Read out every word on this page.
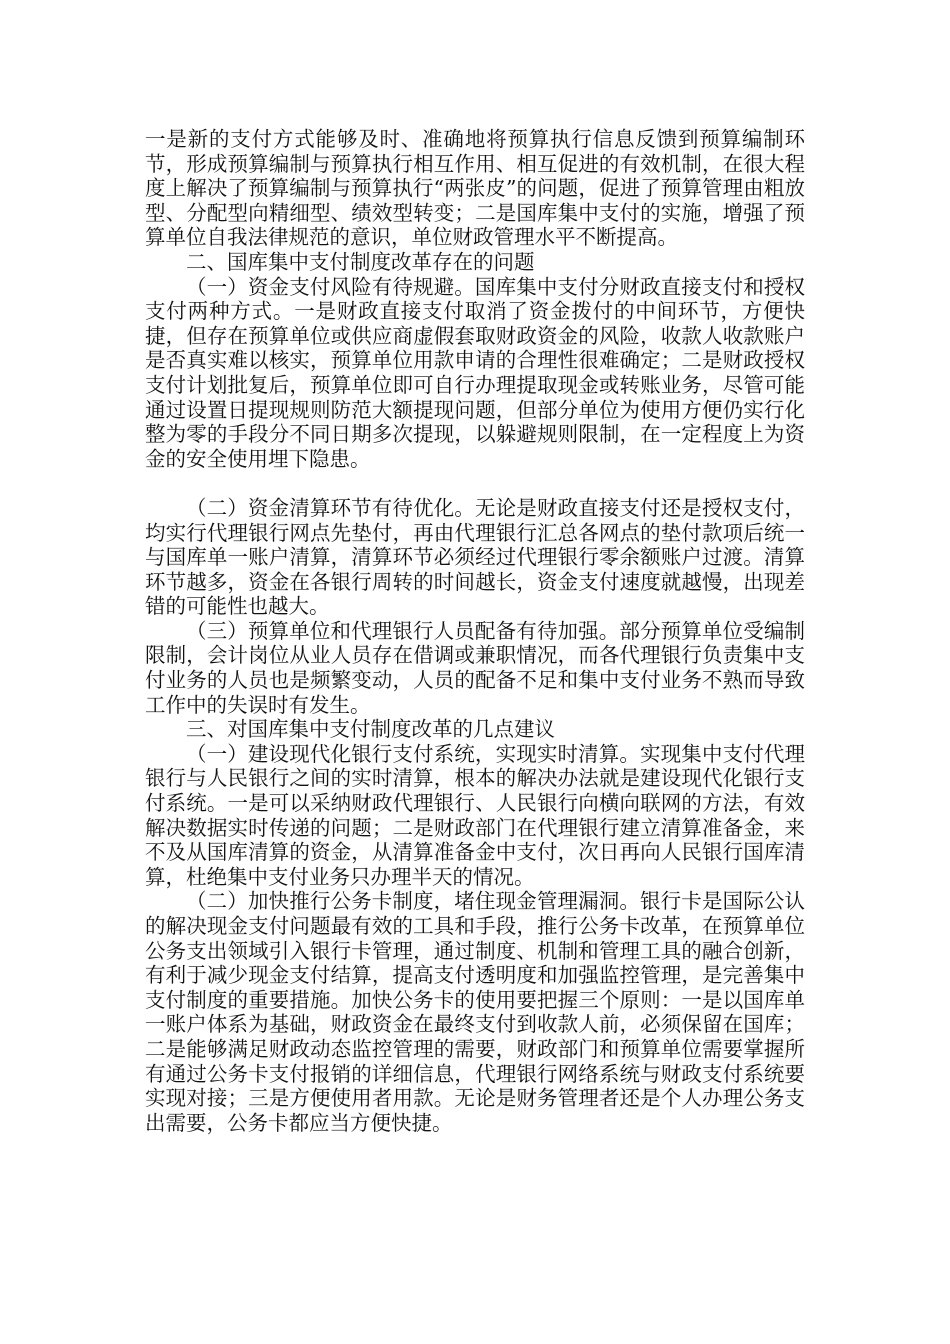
一是新的支付方式能够及时、准确地将预算执行信息反馈到预算编制环节，形成预算编制与预算执行相互作用、相互促进的有效机制，在很大程度上解决了预算编制与预算执行“两张皮”的问题，促进了预算管理由粗放型、分配型向精细型、绩效型转变；二是国库集中支付的实施，增强了预算单位自我法律规范的意识，单位财政管理水平不断提高。

二、国库集中支付制度改革存在的问题

（一）资金支付风险有待规避。国库集中支付分财政直接支付和授权支付两种方式。一是财政直接支付取消了资金拨付的中间环节，方便快捷，但存在预算单位或供应商虚假套取财政资金的风险，收款人收款账户是否真实难以核实，预算单位用款申请的合理性很难确定；二是财政授权支付计划批复后，预算单位即可自行办理提取现金或转账业务，尽管可能通过设置日提现规则防范大额提现问题，但部分单位为使用方便仍实行化整为零的手段分不同日期多次提现，以躲避规则限制，在一定程度上为资金的安全使用埋下隐患。

（二）资金清算环节有待优化。无论是财政直接支付还是授权支付，均实行代理银行网点先垫付，再由代理银行汇总各网点的垫付款项后统一与国库单一账户清算，清算环节必须经过代理银行零余额账户过渡。清算环节越多，资金在各银行周转的时间越长，资金支付速度就越慢，出现差错的可能性也越大。

（三）预算单位和代理银行人员配备有待加强。部分预算单位受编制限制，会计岗位从业人员存在借调或兼职情况，而各代理银行负责集中支付业务的人员也是频繁变动，人员的配备不足和集中支付业务不熟而导致工作中的失误时有发生。

三、对国库集中支付制度改革的几点建议

（一）建设现代化银行支付系统，实现实时清算。实现集中支付代理银行与人民银行之间的实时清算，根本的解决办法就是建设现代化银行支付系统。一是可以采纳财政代理银行、人民银行向横向联网的方法，有效解决数据实时传递的问题；二是财政部门在代理银行建立清算准备金，来不及从国库清算的资金，从清算准备金中支付，次日再向人民银行国库清算，杜绝集中支付业务只办理半天的情况。

（二）加快推行公务卡制度，堵住现金管理漏洞。银行卡是国际公认的解决现金支付问题最有效的工具和手段，推行公务卡改革，在预算单位公务支出领域引入银行卡管理，通过制度、机制和管理工具的融合创新，有利于减少现金支付结算，提高支付透明度和加强监控管理，是完善集中支付制度的重要措施。加快公务卡的使用要把握三个原则：一是以国库单一账户体系为基础，财政资金在最终支付到收款人前，必须保留在国库；二是能够满足财政动态监控管理的需要，财政部门和预算单位需要掌握所有通过公务卡支付报销的详细信息，代理银行网络系统与财政支付系统要实现对接；三是方便使用者用款。无论是财务管理者还是个人办理公务支出需要，公务卡都应当方便快捷。
